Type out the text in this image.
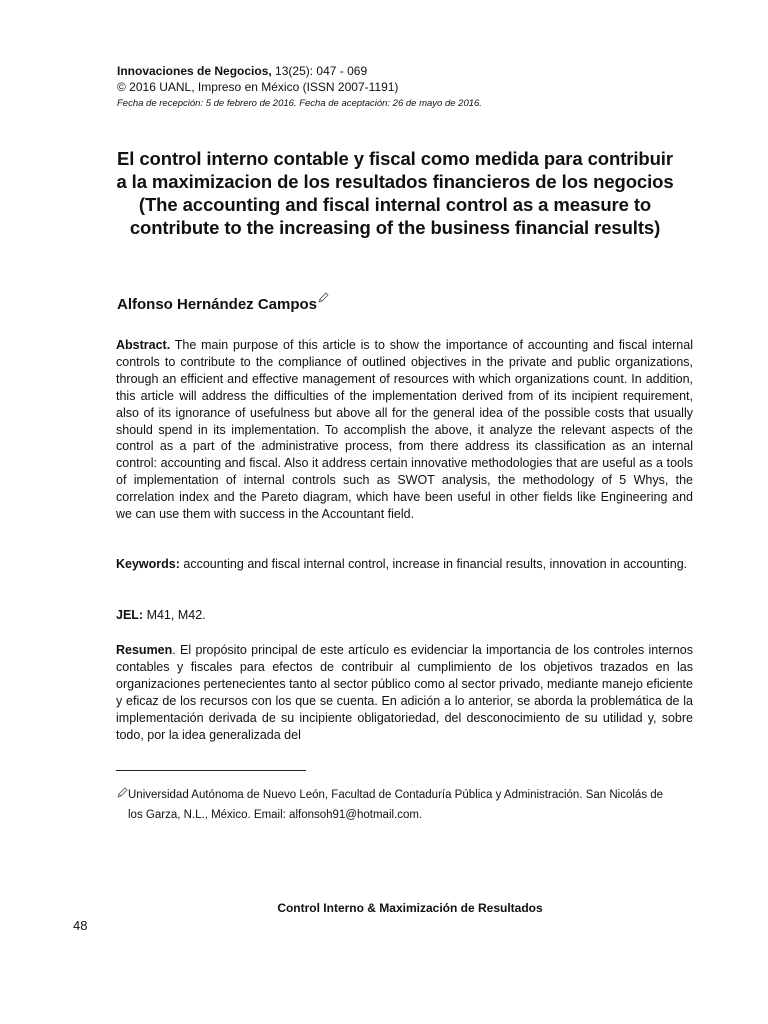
Innovaciones de Negocios, 13(25): 047 - 069
© 2016 UANL, Impreso en México (ISSN 2007-1191)
Fecha de recepción: 5 de febrero de 2016. Fecha de aceptación: 26 de mayo de 2016.
El control interno contable y fiscal como medida para contribuir a la maximizacion de los resultados financieros de los negocios
(The accounting and fiscal internal control as a measure to contribute to the increasing of the business financial results)
Alfonso Hernández Campos
Abstract. The main purpose of this article is to show the importance of accounting and fiscal internal controls to contribute to the compliance of outlined objectives in the private and public organizations, through an efficient and effective management of resources with which organizations count. In addition, this article will address the difficulties of the implementation derived from of its incipient requirement, also of its ignorance of usefulness but above all for the general idea of the possible costs that usually should spend in its implementation. To accomplish the above, it analyze the relevant aspects of the control as a part of the administrative process, from there address its classification as an internal control: accounting and fiscal. Also it address certain innovative methodologies that are useful as a tools of implementation of internal controls such as SWOT analysis, the methodology of 5 Whys, the correlation index and the Pareto diagram, which have been useful in other fields like Engineering and we can use them with success in the Accountant field.
Keywords: accounting and fiscal internal control, increase in financial results, innovation in accounting.
JEL: M41, M42.
Resumen. El propósito principal de este artículo es evidenciar la importancia de los controles internos contables y fiscales para efectos de contribuir al cumplimiento de los objetivos trazados en las organizaciones pertenecientes tanto al sector público como al sector privado, mediante manejo eficiente y eficaz de los recursos con los que se cuenta. En adición a lo anterior, se aborda la problemática de la implementación derivada de su incipiente obligatoriedad, del desconocimiento de su utilidad y, sobre todo, por la idea generalizada del
Universidad Autónoma de Nuevo León, Facultad de Contaduría Pública y Administración. San Nicolás de
los Garza, N.L., México. Email: alfonsoh91@hotmail.com.
Control Interno & Maximización de Resultados
48
